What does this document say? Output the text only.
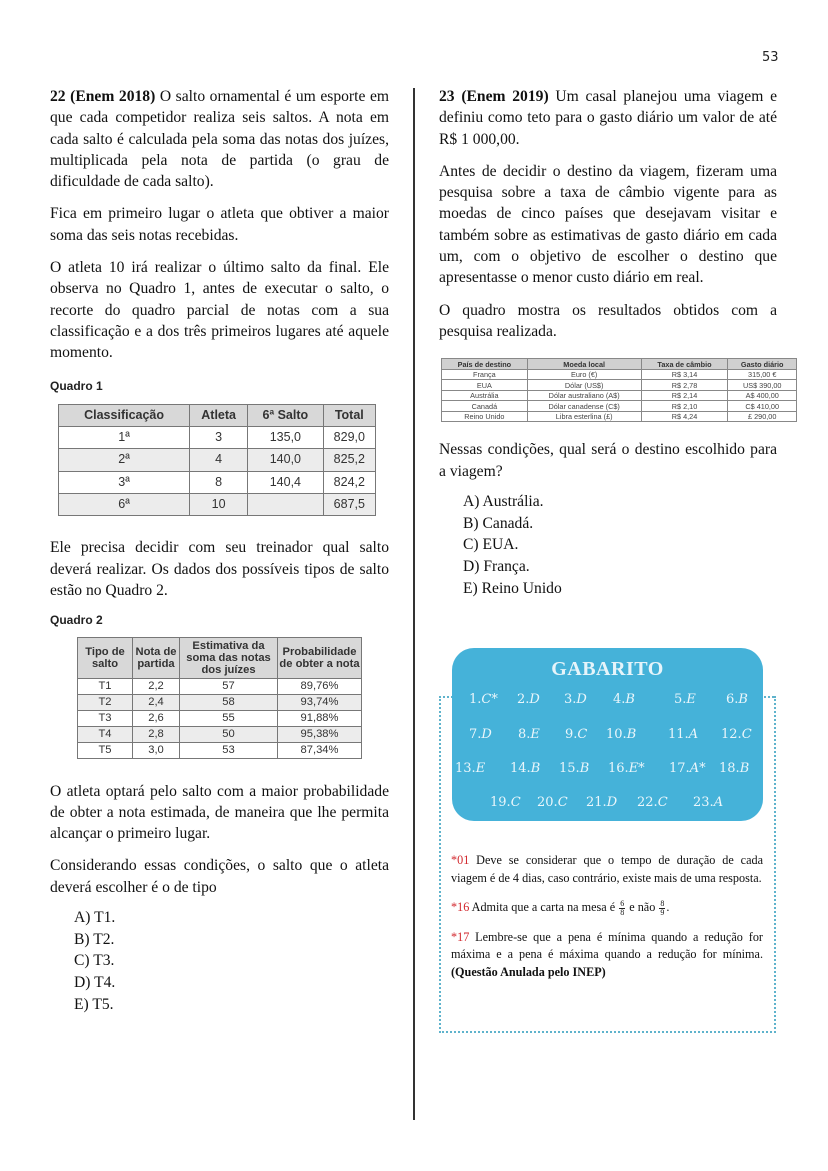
53

22 (Enem 2018) O salto ornamental é um esporte em que cada competidor realiza seis saltos. A nota em cada salto é calculada pela soma das notas dos juízes, multiplicada pela nota de partida (o grau de dificuldade de cada salto).

Fica em primeiro lugar o atleta que obtiver a maior soma das seis notas recebidas.

O atleta 10 irá realizar o último salto da final. Ele observa no Quadro 1, antes de executar o salto, o recorte do quadro parcial de notas com a sua classificação e a dos três primeiros lugares até aquele momento.

Quadro 1

Classificação	Atleta	6ª Salto	Total
1ª	3	135,0	829,0
2ª	4	140,0	825,2
3ª	8	140,4	824,2
6ª	10		687,5

Ele precisa decidir com seu treinador qual salto deverá realizar. Os dados dos possíveis tipos de salto estão no Quadro 2.

Quadro 2

Tipo de salto	Nota de partida	Estimativa da soma das notas dos juízes	Probabilidade de obter a nota
T1	2,2	57	89,76%
T2	2,4	58	93,74%
T3	2,6	55	91,88%
T4	2,8	50	95,38%
T5	3,0	53	87,34%

O atleta optará pelo salto com a maior probabilidade de obter a nota estimada, de maneira que lhe permita alcançar o primeiro lugar.

Considerando essas condições, o salto que o atleta deverá escolher é o de tipo

A) T1.
B) T2.
C) T3.
D) T4.
E) T5.

23 (Enem 2019) Um casal planejou uma viagem e definiu como teto para o gasto diário um valor de até R$ 1 000,00.

Antes de decidir o destino da viagem, fizeram uma pesquisa sobre a taxa de câmbio vigente para as moedas de cinco países que desejavam visitar e também sobre as estimativas de gasto diário em cada um, com o objetivo de escolher o destino que apresentasse o menor custo diário em real.

O quadro mostra os resultados obtidos com a pesquisa realizada.

País de destino	Moeda local	Taxa de câmbio	Gasto diário
França	Euro (€)	R$ 3,14	315,00 €
EUA	Dólar (US$)	R$ 2,78	US$ 390,00
Austrália	Dólar australiano (A$)	R$ 2,14	A$ 400,00
Canadá	Dólar canadense (C$)	R$ 2,10	C$ 410,00
Reino Unido	Libra esterlina (£)	R$ 4,24	£ 290,00

Nessas condições, qual será o destino escolhido para a viagem?

A) Austrália.
B) Canadá.
C) EUA.
D) França.
E) Reino Unido
GABARITO
1.C* 2.D 3.D 4.B	5.E 6.B
7.D 8.E 9.C 10.B 11.A 12.C
13.E 14.B 15.B 16.E* 17.A* 18.B
19.C 20.C 21.D 22.C 23.A

*01 Deve se considerar que o tempo de duração de cada viagem é de 4 dias, caso contrário, existe mais de uma resposta.

*16 Admita que a carta na mesa é $\frac{6}{8}$ e não $\frac{8}{9}$ .

*17 Lembre-se que a pena é mínima quando a redução for máxima e a pena é máxima quando a redução for mínima. (Questão Anulada pelo INEP)
